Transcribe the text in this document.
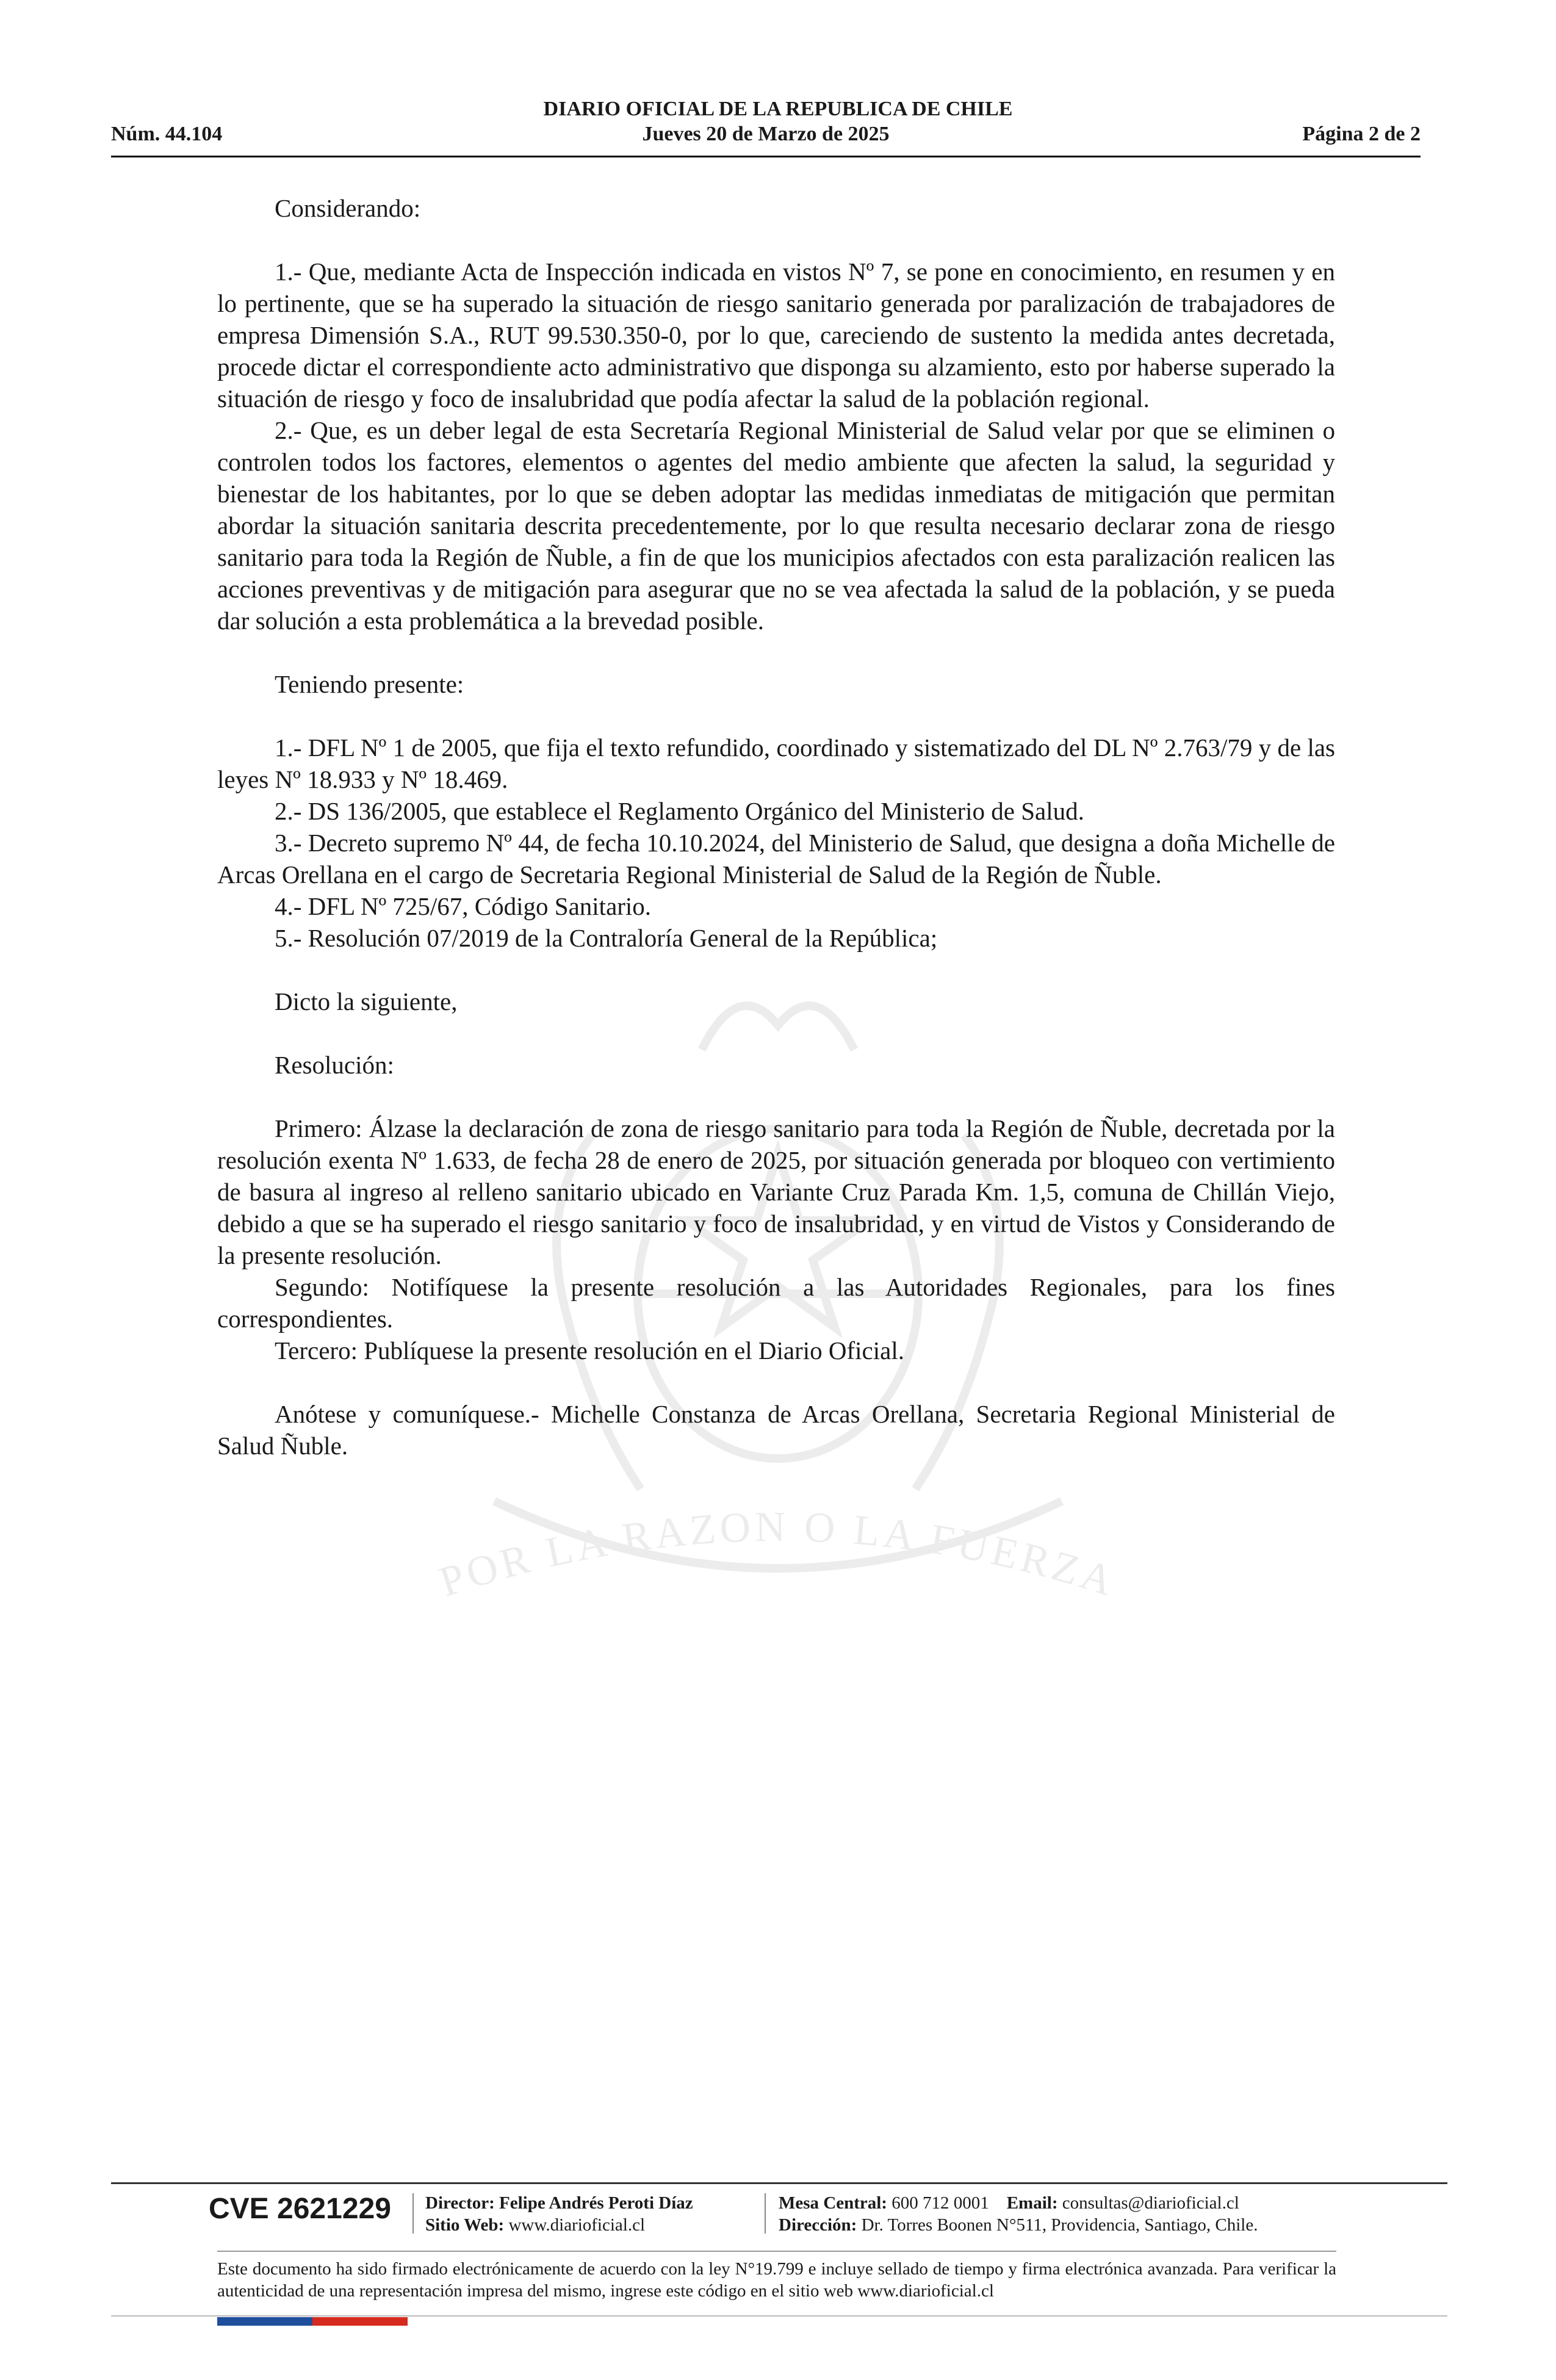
DIARIO OFICIAL DE LA REPUBLICA DE CHILE
Jueves 20 de Marzo de 2025
Núm. 44.104	Página 2 de 2
POR LA RAZON O LA FUERZA

Considerando:

1.- Que, mediante Acta de Inspección indicada en vistos Nº 7, se pone en conocimiento, en resumen y en lo pertinente, que se ha superado la situación de riesgo sanitario generada por paralización de trabajadores de empresa Dimensión S.A., RUT 99.530.350-0, por lo que, careciendo de sustento la medida antes decretada, procede dictar el correspondiente acto administrativo que disponga su alzamiento, esto por haberse superado la situación de riesgo y foco de insalubridad que podía afectar la salud de la población regional.

2.- Que, es un deber legal de esta Secretaría Regional Ministerial de Salud velar por que se eliminen o controlen todos los factores, elementos o agentes del medio ambiente que afecten la salud, la seguridad y bienestar de los habitantes, por lo que se deben adoptar las medidas inmediatas de mitigación que permitan abordar la situación sanitaria descrita precedentemente, por lo que resulta necesario declarar zona de riesgo sanitario para toda la Región de Ñuble, a fin de que los municipios afectados con esta paralización realicen las acciones preventivas y de mitigación para asegurar que no se vea afectada la salud de la población, y se pueda dar solución a esta problemática a la brevedad posible.

Teniendo presente:

1.- DFL Nº 1 de 2005, que fija el texto refundido, coordinado y sistematizado del DL Nº 2.763/79 y de las leyes Nº 18.933 y Nº 18.469.

2.- DS 136/2005, que establece el Reglamento Orgánico del Ministerio de Salud.

3.- Decreto supremo Nº 44, de fecha 10.10.2024, del Ministerio de Salud, que designa a doña Michelle de Arcas Orellana en el cargo de Secretaria Regional Ministerial de Salud de la Región de Ñuble.

4.- DFL Nº 725/67, Código Sanitario.

5.- Resolución 07/2019 de la Contraloría General de la República;

Dicto la siguiente,

Resolución:

Primero: Álzase la declaración de zona de riesgo sanitario para toda la Región de Ñuble, decretada por la resolución exenta Nº 1.633, de fecha 28 de enero de 2025, por situación generada por bloqueo con vertimiento de basura al ingreso al relleno sanitario ubicado en Variante Cruz Parada Km. 1,5, comuna de Chillán Viejo, debido a que se ha superado el riesgo sanitario y foco de insalubridad, y en virtud de Vistos y Considerando de la presente resolución.

Segundo: Notifíquese la presente resolución a las Autoridades Regionales, para los fines correspondientes.

Tercero: Publíquese la presente resolución en el Diario Oficial.

Anótese y comuníquese.- Michelle Constanza de Arcas Orellana, Secretaria Regional Ministerial de Salud Ñuble.

CVE 2621229 Director: Felipe Andrés Peroti Díaz
Sitio Web: www.diarioficial.cl
Mesa Central: 600 712 0001 Email: consultas@diarioficial.cl
Dirección: Dr. Torres Boonen N°511, Providencia, Santiago, Chile.
Este documento ha sido firmado electrónicamente de acuerdo con la ley N°19.799 e incluye sellado de tiempo y firma electrónica avanzada. Para verificar la autenticidad de una representación impresa del mismo, ingrese este código en el sitio web www.diarioficial.cl
